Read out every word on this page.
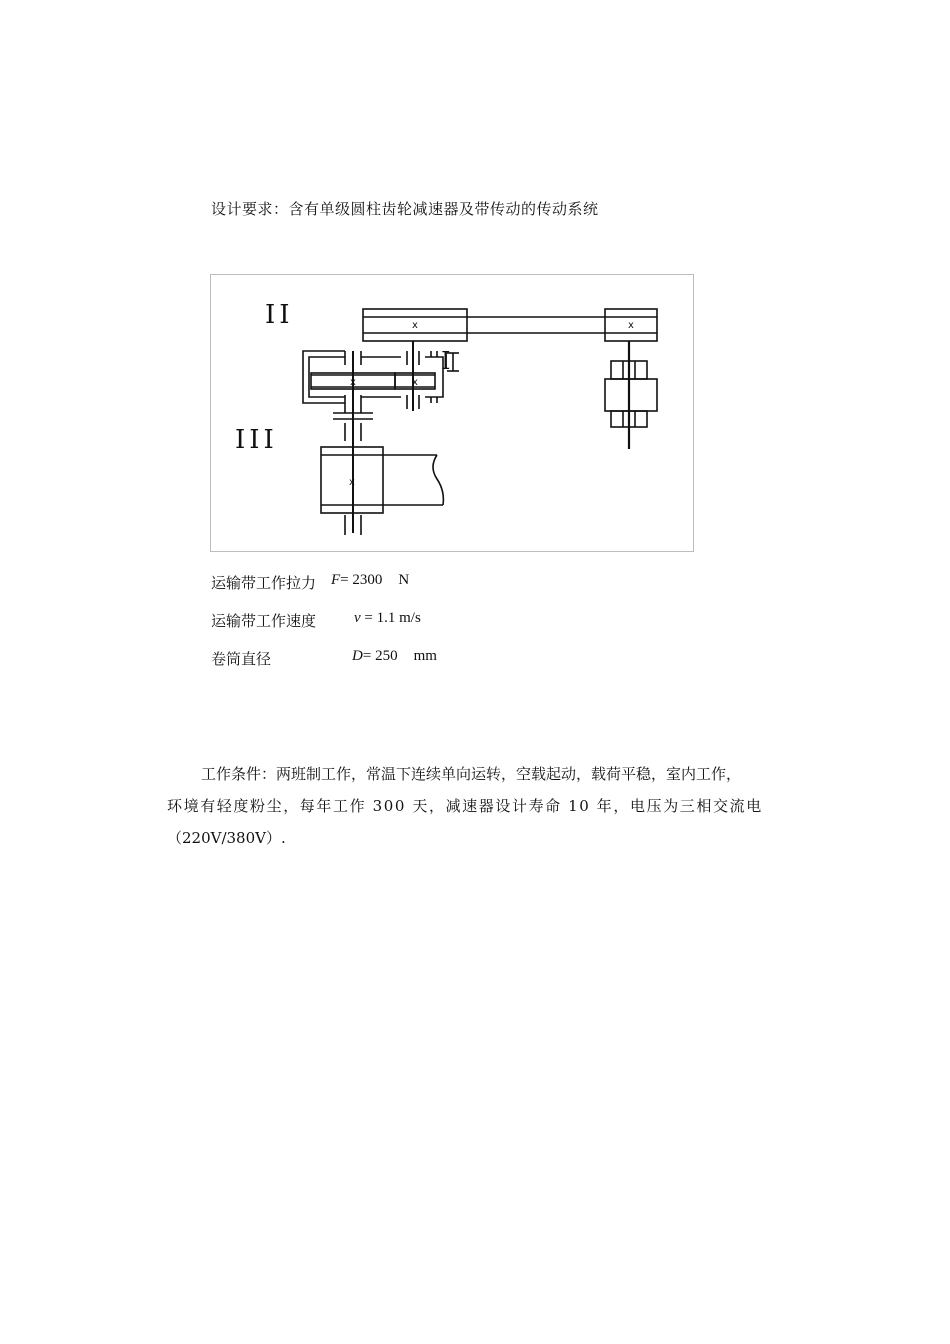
设计要求：含有单级圆柱齿轮减速器及带传动的传动系统
x	x
x	x
x
II
III
I
运输带工作拉力 F= 2300 N
运输带工作速度	v = 1.1 m/s
卷筒直径	D= 250 mm
工作条件：两班制工作，常温下连续单向运转，空载起动，载荷平稳，室内工作，
环境有轻度粉尘，每年工作 300 天，减速器设计寿命 10 年，电压为三相交流电
（220V/380V）.
